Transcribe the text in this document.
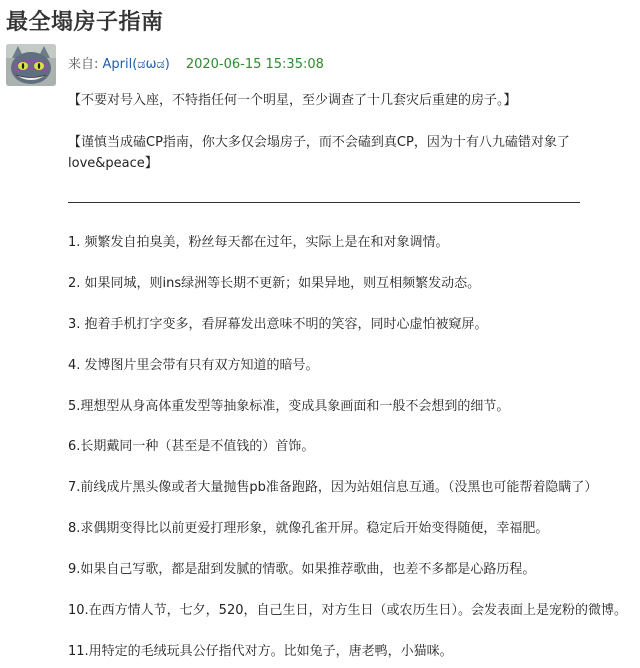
最全塌房子指南
来自: April(ಡωಡ) 2020-06-15 15:35:08

【不要对号入座，不特指任何一个明星，至少调查了十几套灾后重建的房子。】

【谨慎当成磕CP指南，你大多仅会塌房子，而不会磕到真CP，因为十有八九磕错对象了love&peace】

1. 频繁发自拍臭美，粉丝每天都在过年，实际上是在和对象调情。
2. 如果同城，则ins绿洲等长期不更新；如果异地，则互相频繁发动态。
3. 抱着手机打字变多，看屏幕发出意味不明的笑容，同时心虚怕被窥屏。
4. 发博图片里会带有只有双方知道的暗号。
5.理想型从身高体重发型等抽象标准，变成具象画面和一般不会想到的细节。
6.长期戴同一种（甚至是不值钱的）首饰。
7.前线成片黑头像或者大量抛售pb准备跑路，因为站姐信息互通。（没黑也可能帮着隐瞒了）
8.求偶期变得比以前更爱打理形象，就像孔雀开屏。稳定后开始变得随便，幸福肥。
9.如果自己写歌，都是甜到发腻的情歌。如果推荐歌曲，也差不多都是心路历程。
10.在西方情人节，七夕，520，自己生日，对方生日（或农历生日）。会发表面上是宠粉的微博。
11.用特定的毛绒玩具公仔指代对方。比如兔子，唐老鸭，小猫咪。
